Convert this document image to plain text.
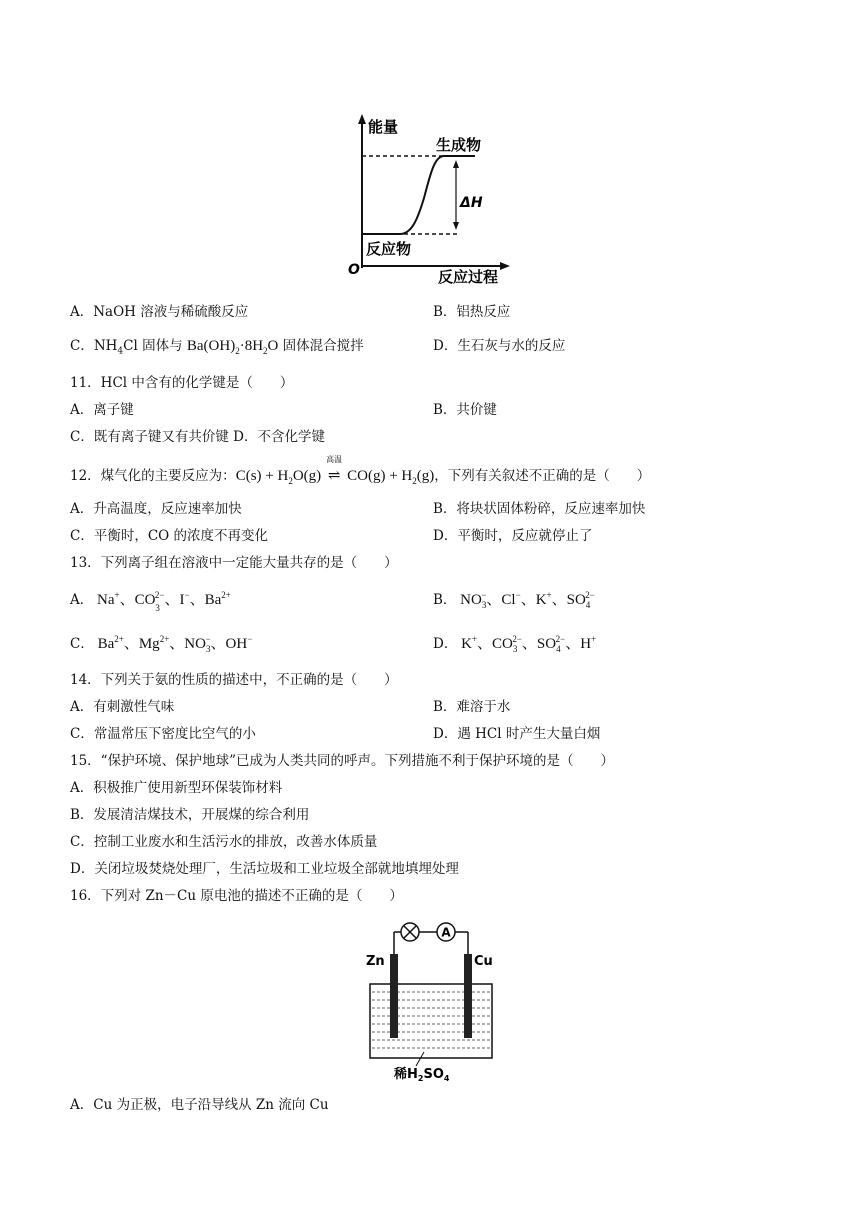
能量
生成物
ΔH
反应物
O	反应过程
A．NaOH 溶液与稀硫酸反应	B．铝热反应
C．$NH_4Cl$ 固体与 $Ba(OH)_2\cdot 8H_2O$ 固体混合搅拌	D．生石灰与水的反应
11．HCl 中含有的化学键是（　　）
A．离子键	B．共价键
C．既有离子键又有共价键 D．不含化学键
12．煤气化的主要反应为：$C(s) + H_2O(g)$
高温
⇌ $CO(g) + H_2(g)$，下列有关叙述不正确的是（　　）
A．升高温度，反应速率加快	B．将块状固体粉碎，反应速率加快
C．平衡时，CO 的浓度不再变化	D．平衡时，反应就停止了
13．下列离子组在溶液中一定能大量共存的是（　　）
A． Na+、$CO_3^{2-}$、I−、$Ba^{2+}$	B． $NO_3^-$、Cl−、K+、$SO_4^{2-}$
C． $Ba^{2+}$、$Mg^{2+}$、$NO_3^-$、OH−	D． K+、$CO_3^{2-}$、$SO_4^{2-}$、H+
14．下列关于氨的性质的描述中，不正确的是（　　）
A．有刺激性气味	B．难溶于水
C．常温常压下密度比空气的小	D．遇 HCl 时产生大量白烟
15．“保护环境、保护地球”已成为人类共同的呼声。下列措施不利于保护环境的是（　　）
A．积极推广使用新型环保装饰材料
B．发展清洁煤技术，开展煤的综合利用
C．控制工业废水和生活污水的排放，改善水体质量
D．关闭垃圾焚烧处理厂，生活垃圾和工业垃圾全部就地填埋处理
16．下列对 Zn－Cu 原电池的描述不正确的是（　　）
A
Zn	Cu
稀$H_2SO_4$
A．Cu 为正极，电子沿导线从 Zn 流向 Cu
